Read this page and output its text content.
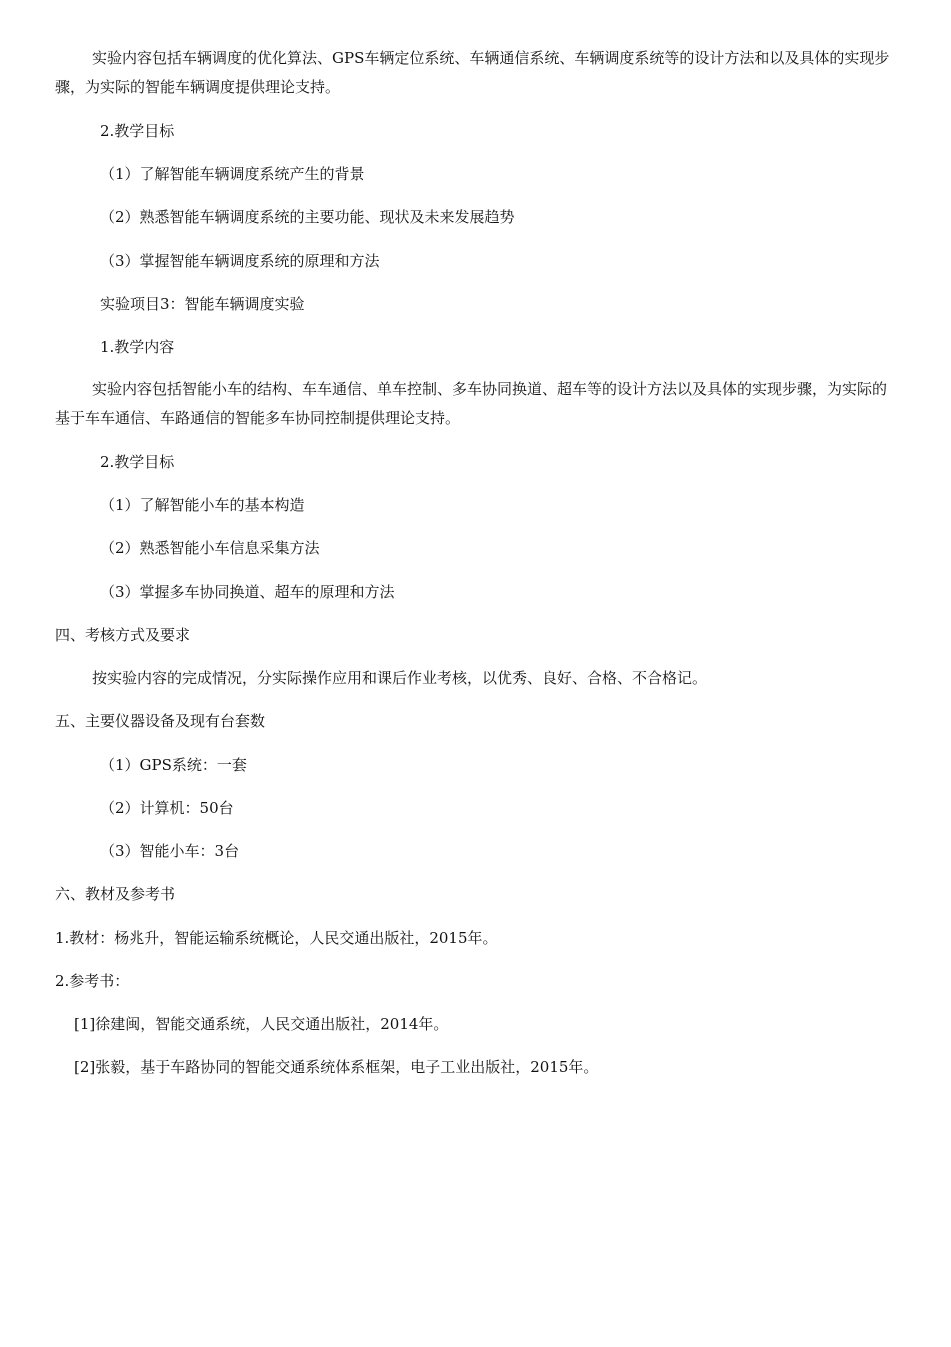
实验内容包括车辆调度的优化算法、GPS车辆定位系统、车辆通信系统、车辆调度系统等的设计方法和以及具体的实现步骤，为实际的智能车辆调度提供理论支持。
2.教学目标
（1）了解智能车辆调度系统产生的背景
（2）熟悉智能车辆调度系统的主要功能、现状及未来发展趋势
（3）掌握智能车辆调度系统的原理和方法
实验项目3：智能车辆调度实验
1.教学内容
实验内容包括智能小车的结构、车车通信、单车控制、多车协同换道、超车等的设计方法以及具体的实现步骤，为实际的基于车车通信、车路通信的智能多车协同控制提供理论支持。
2.教学目标
（1）了解智能小车的基本构造
（2）熟悉智能小车信息采集方法
（3）掌握多车协同换道、超车的原理和方法
四、考核方式及要求
按实验内容的完成情况，分实际操作应用和课后作业考核，以优秀、良好、合格、不合格记。
五、主要仪器设备及现有台套数
（1）GPS系统：一套
（2）计算机：50台
（3）智能小车：3台
六、教材及参考书
1.教材：杨兆升，智能运输系统概论，人民交通出版社，2015年。
2.参考书：
[1]徐建闽，智能交通系统，人民交通出版社，2014年。
[2]张毅，基于车路协同的智能交通系统体系框架，电子工业出版社，2015年。
